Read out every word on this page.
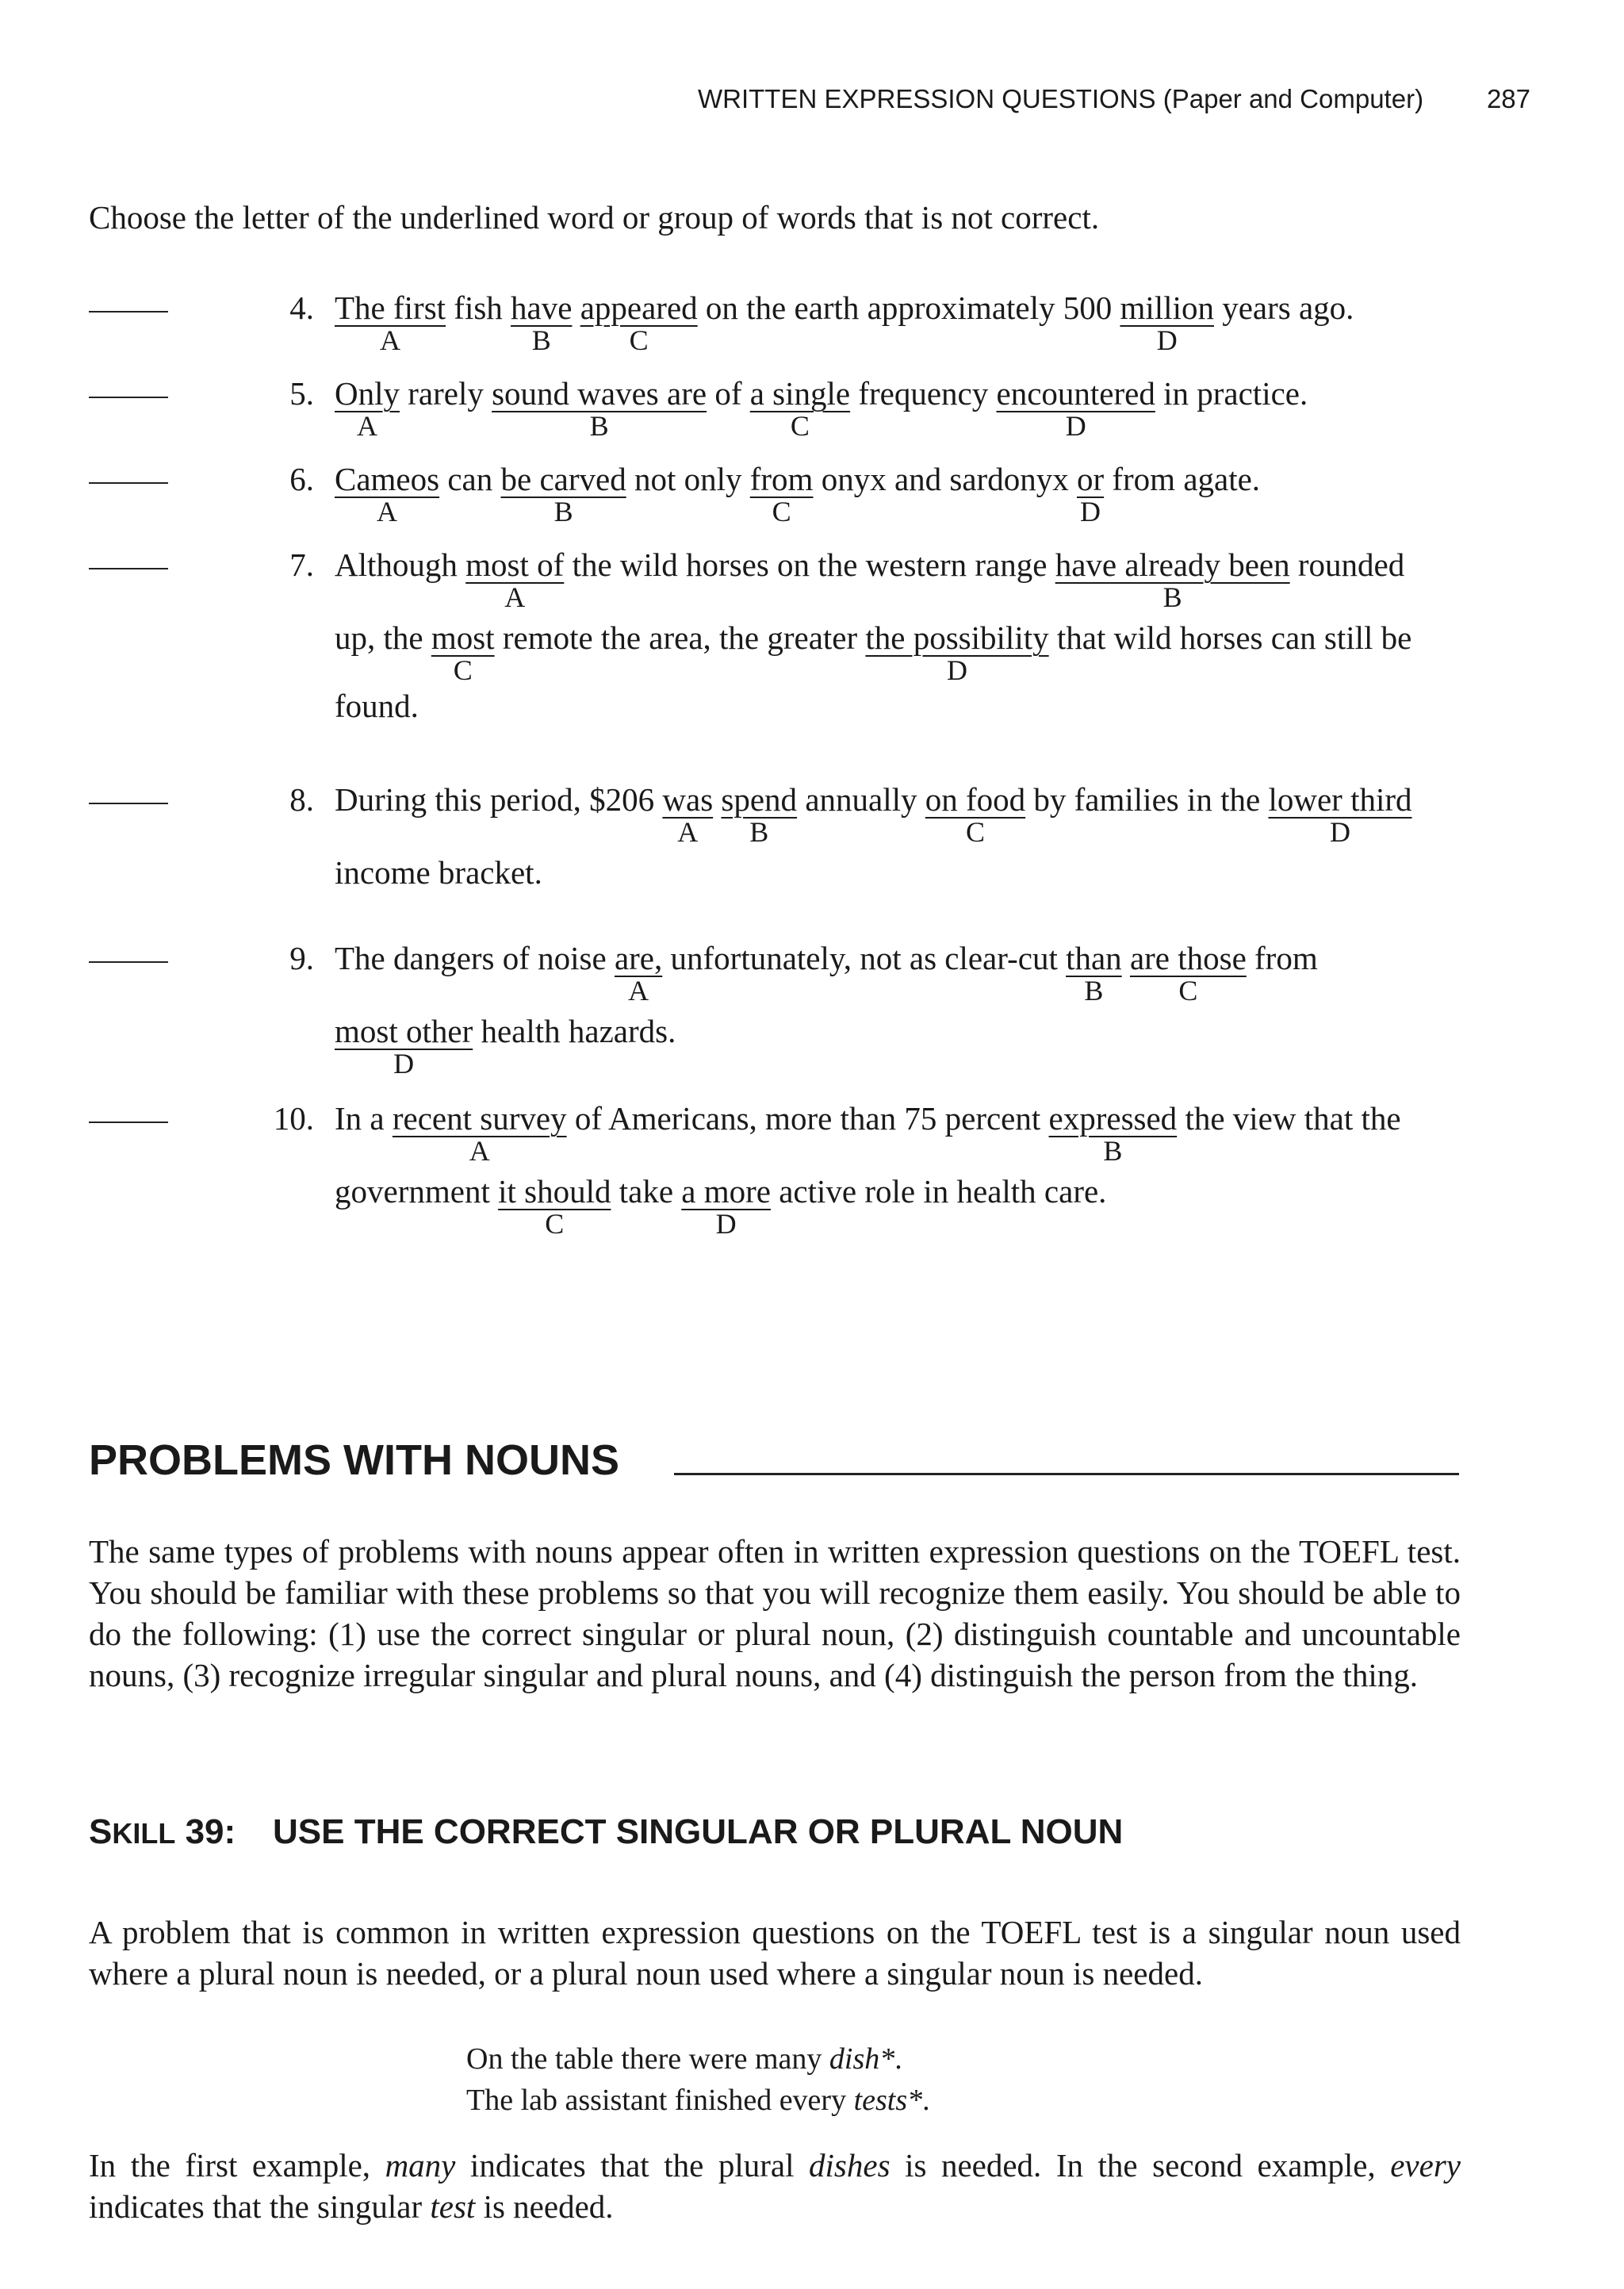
WRITTEN EXPRESSION QUESTIONS (Paper and Computer) 287
Choose the letter of the underlined word or group of words that is not correct.
4. The first
A
fish have
B
appeared
C
on the earth approximately 500 million
D
years ago.
5. Only
A
rarely sound waves are
B
of a single
C
frequency encountered
D
in practice.
6. Cameos
A
can be carved
B
not only from
C
onyx and sardonyx or
D
from agate.
7. Although most of
A
the wild horses on the western range have already been
B
rounded
up, the most
C
remote the area, the greater the possibility
D
that wild horses can still be
found.
8. During this period, $206 was
A
spend
B
annually on food
C
by families in the lower third
D
income bracket.
9. The dangers of noise are,
A
unfortunately, not as clear-cut than
B
are those
C
from
most other
D
health hazards.
10. In a recent survey
A
of Americans, more than 75 percent expressed
B
the view that the
government it should
C
take a more
D
active role in health care.
PROBLEMS WITH NOUNS
The same types of problems with nouns appear often in written expression questions on the TOEFL test. You should be familiar with these problems so that you will recognize them easily. You should be able to do the following: (1) use the correct singular or plural noun, (2) distinguish countable and uncountable nouns, (3) recognize irregular singular and plural nouns, and (4) distinguish the person from the thing.
SKILL 39: USE THE CORRECT SINGULAR OR PLURAL NOUN
A problem that is common in written expression questions on the TOEFL test is a singular noun used where a plural noun is needed, or a plural noun used where a singular noun is needed.
On the table there were many dish*.
The lab assistant finished every tests*.
In the first example, many indicates that the plural dishes is needed. In the second example, every indicates that the singular test is needed.
